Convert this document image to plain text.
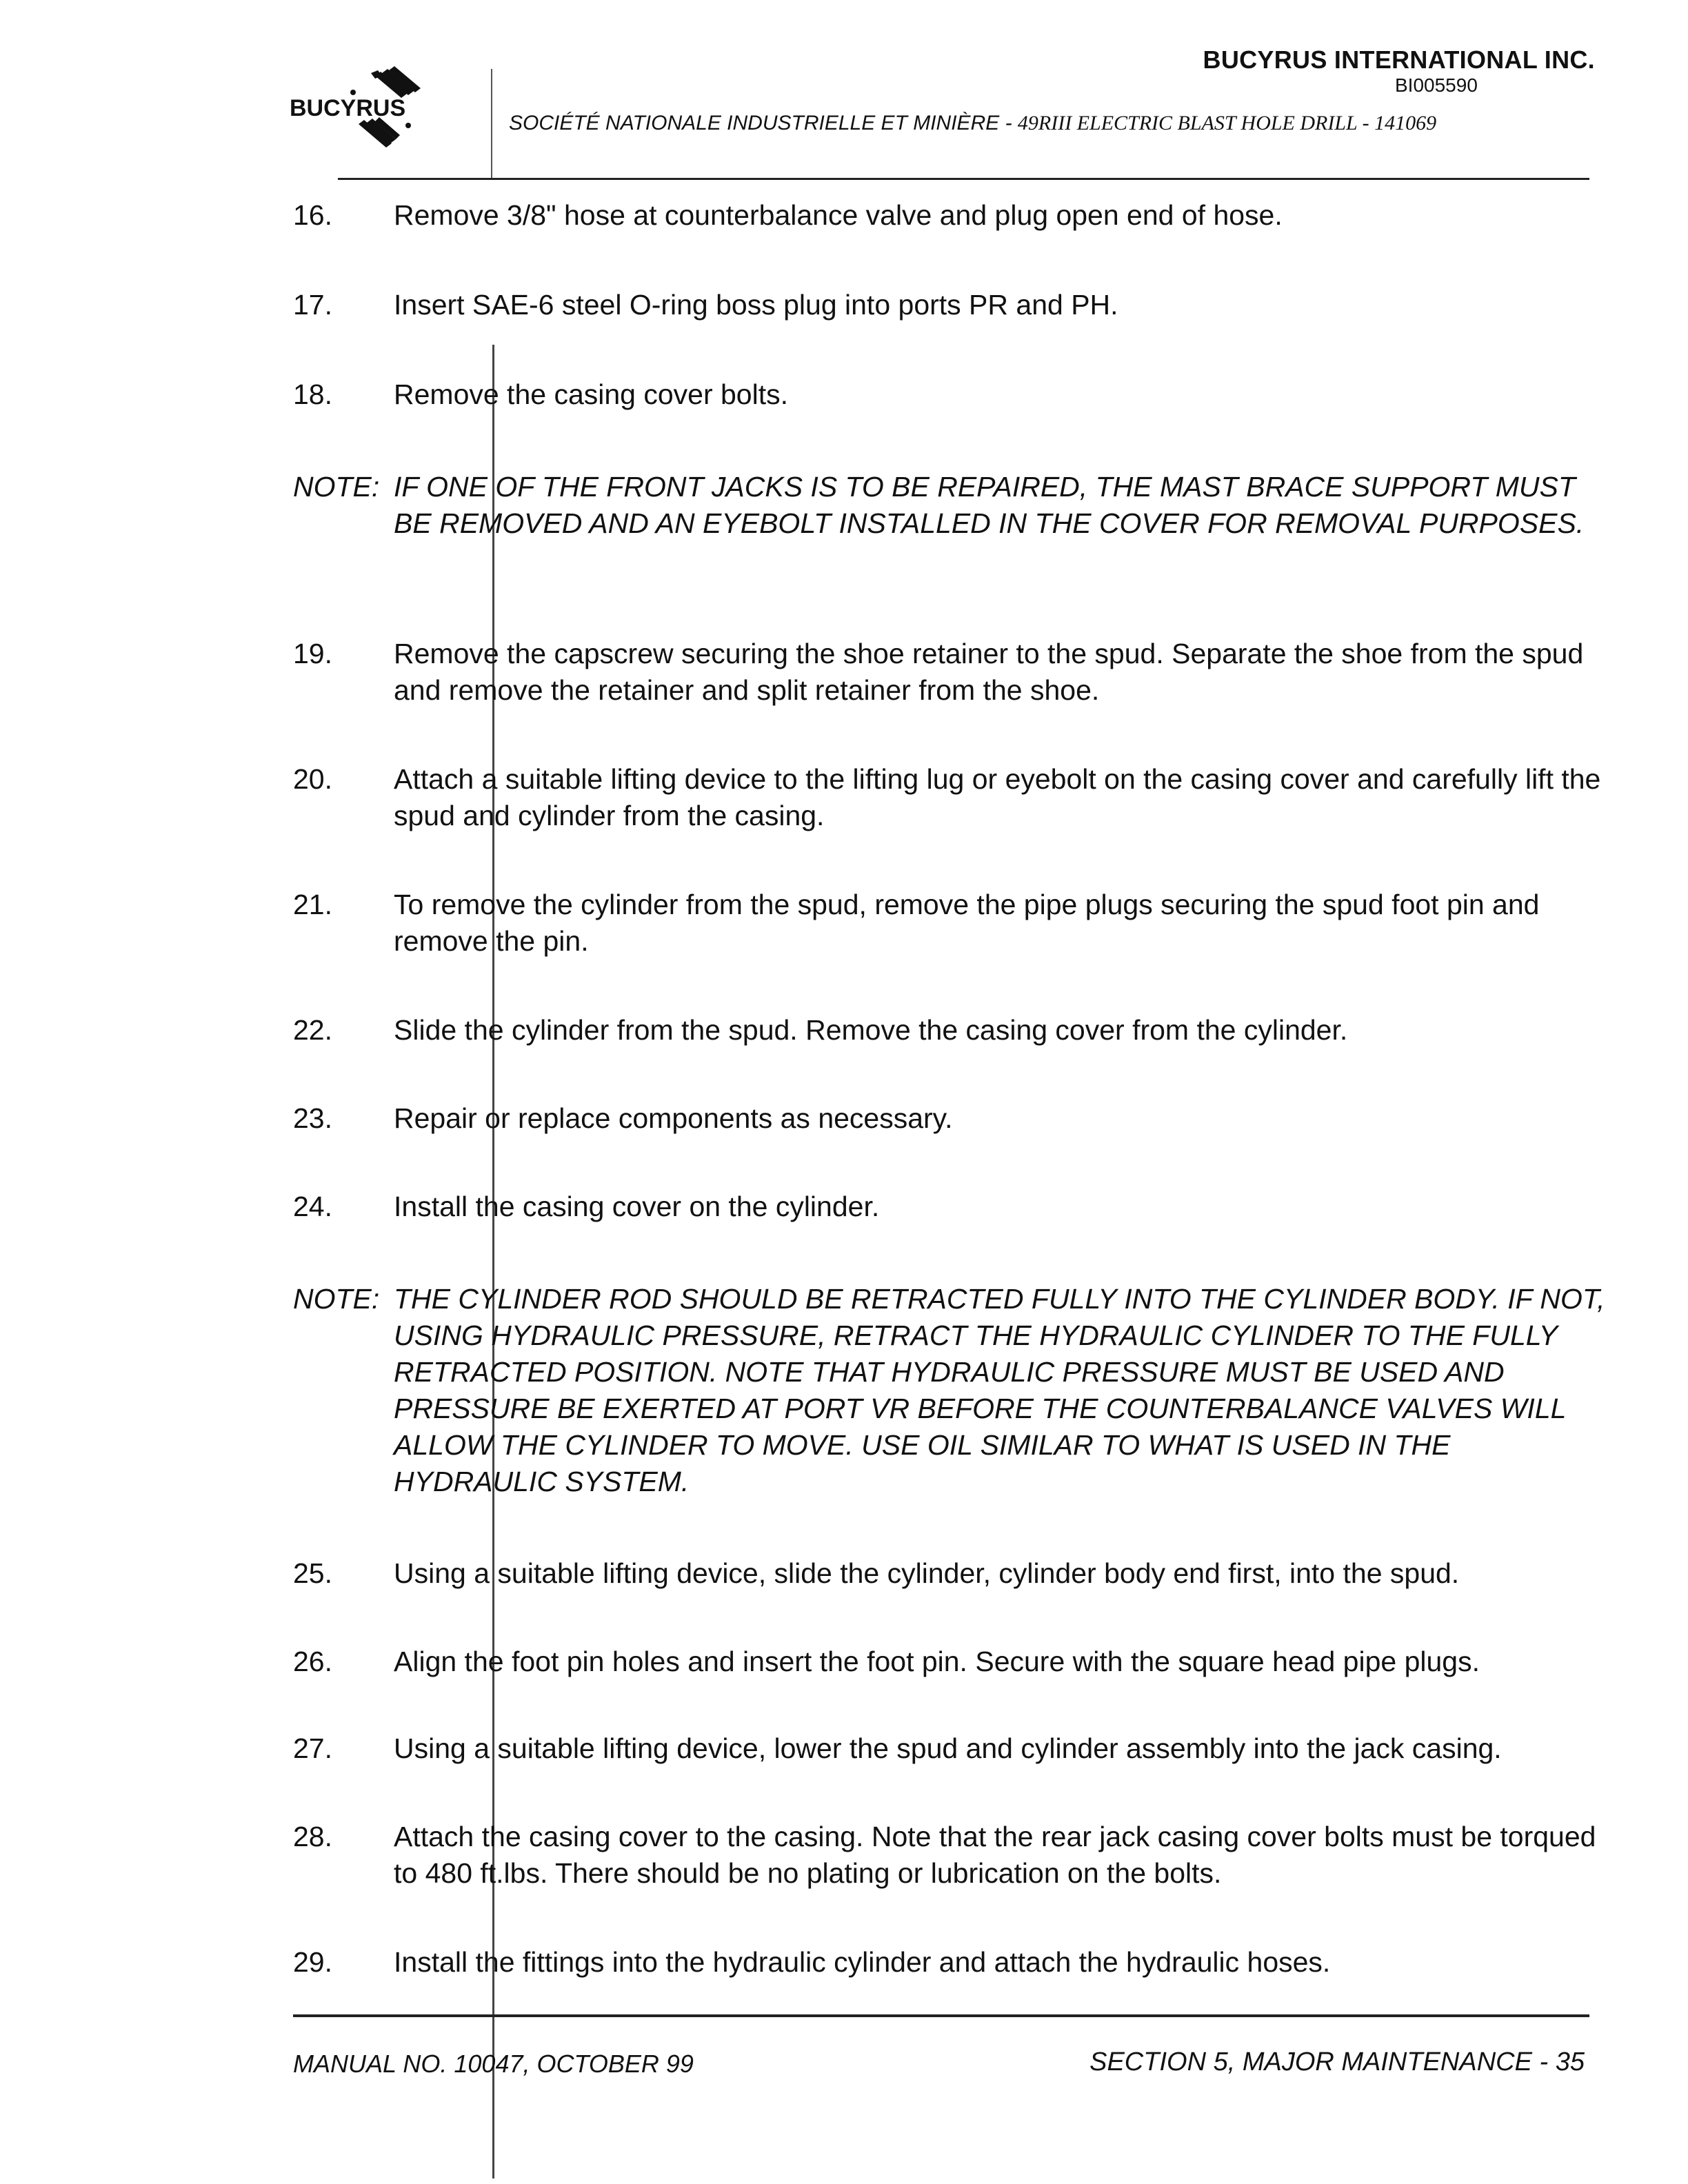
BUCYRUS
BUCYRUS INTERNATIONAL INC.
BI005590
SOCIÉTÉ NATIONALE INDUSTRIELLE ET MINIÈRE - 49RIII ELECTRIC BLAST HOLE DRILL - 141069
16. Remove 3/8" hose at counterbalance valve and plug open end of hose.
17. Insert SAE-6 steel O-ring boss plug into ports PR and PH.
18. Remove the casing cover bolts.
NOTE: IF ONE OF THE FRONT JACKS IS TO BE REPAIRED, THE MAST BRACE SUPPORT MUST BE REMOVED AND AN EYEBOLT INSTALLED IN THE COVER FOR REMOVAL PURPOSES.
19. Remove the capscrew securing the shoe retainer to the spud. Separate the shoe from the spud and remove the retainer and split retainer from the shoe.
20. Attach a suitable lifting device to the lifting lug or eyebolt on the casing cover and carefully lift the spud and cylinder from the casing.
21. To remove the cylinder from the spud, remove the pipe plugs securing the spud foot pin and remove the pin.
22. Slide the cylinder from the spud. Remove the casing cover from the cylinder.
23. Repair or replace components as necessary.
24. Install the casing cover on the cylinder.
NOTE: THE CYLINDER ROD SHOULD BE RETRACTED FULLY INTO THE CYLINDER BODY. IF NOT, USING HYDRAULIC PRESSURE, RETRACT THE HYDRAULIC CYLINDER TO THE FULLY RETRACTED POSITION. NOTE THAT HYDRAULIC PRESSURE MUST BE USED AND PRESSURE BE EXERTED AT PORT VR BEFORE THE COUNTERBALANCE VALVES WILL ALLOW THE CYLINDER TO MOVE. USE OIL SIMILAR TO WHAT IS USED IN THE HYDRAULIC SYSTEM.
25. Using a suitable lifting device, slide the cylinder, cylinder body end first, into the spud.
26. Align the foot pin holes and insert the foot pin. Secure with the square head pipe plugs.
27. Using a suitable lifting device, lower the spud and cylinder assembly into the jack casing.
28. Attach the casing cover to the casing. Note that the rear jack casing cover bolts must be torqued to 480 ft.lbs. There should be no plating or lubrication on the bolts.
29. Install the fittings into the hydraulic cylinder and attach the hydraulic hoses.
MANUAL NO. 10047, OCTOBER 99	SECTION 5, MAJOR MAINTENANCE - 35
